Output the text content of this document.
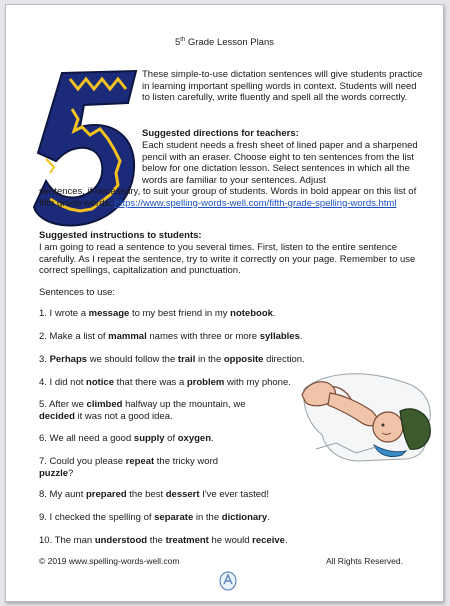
5th Grade Lesson Plans
These simple-to-use dictation sentences will give students practice in learning important spelling words in context. Students will need to listen carefully, write fluently and spell all the words correctly.
Suggested directions for teachers:
Each student needs a fresh sheet of lined paper and a sharpened pencil with an eraser. Choose eight to ten sentences from the list below for one dictation lesson. Select sentences in which all the words are familiar to your sentences. Adjust
sentences, if necessary, to suit your group of students. Words in bold appear on this list of fifth grade words: https://www.spelling-words-well.com/fifth-grade-spelling-words.html
Suggested instructions to students:
I am going to read a sentence to you several times. First, listen to the entire sentence carefully. As I repeat the sentence, try to write it correctly on your page. Remember to use correct spellings, capitalization and punctuation.
Sentences to use:
1. I wrote a message to my best friend in my notebook.
2. Make a list of mammal names with three or more syllables.
3. Perhaps we should follow the trail in the opposite direction.
4. I did not notice that there was a problem with my phone.
5. After we climbed halfway up the mountain, we
decided it was not a good idea.
6. We all need a good supply of oxygen.
7. Could you please repeat the tricky word
puzzle?
8. My aunt prepared the best dessert I've ever tasted!
9. I checked the spelling of separate in the dictionary.
10. The man understood the treatment he would receive.
© 2019 www.spelling-words-well.com	All Rights Reserved.
